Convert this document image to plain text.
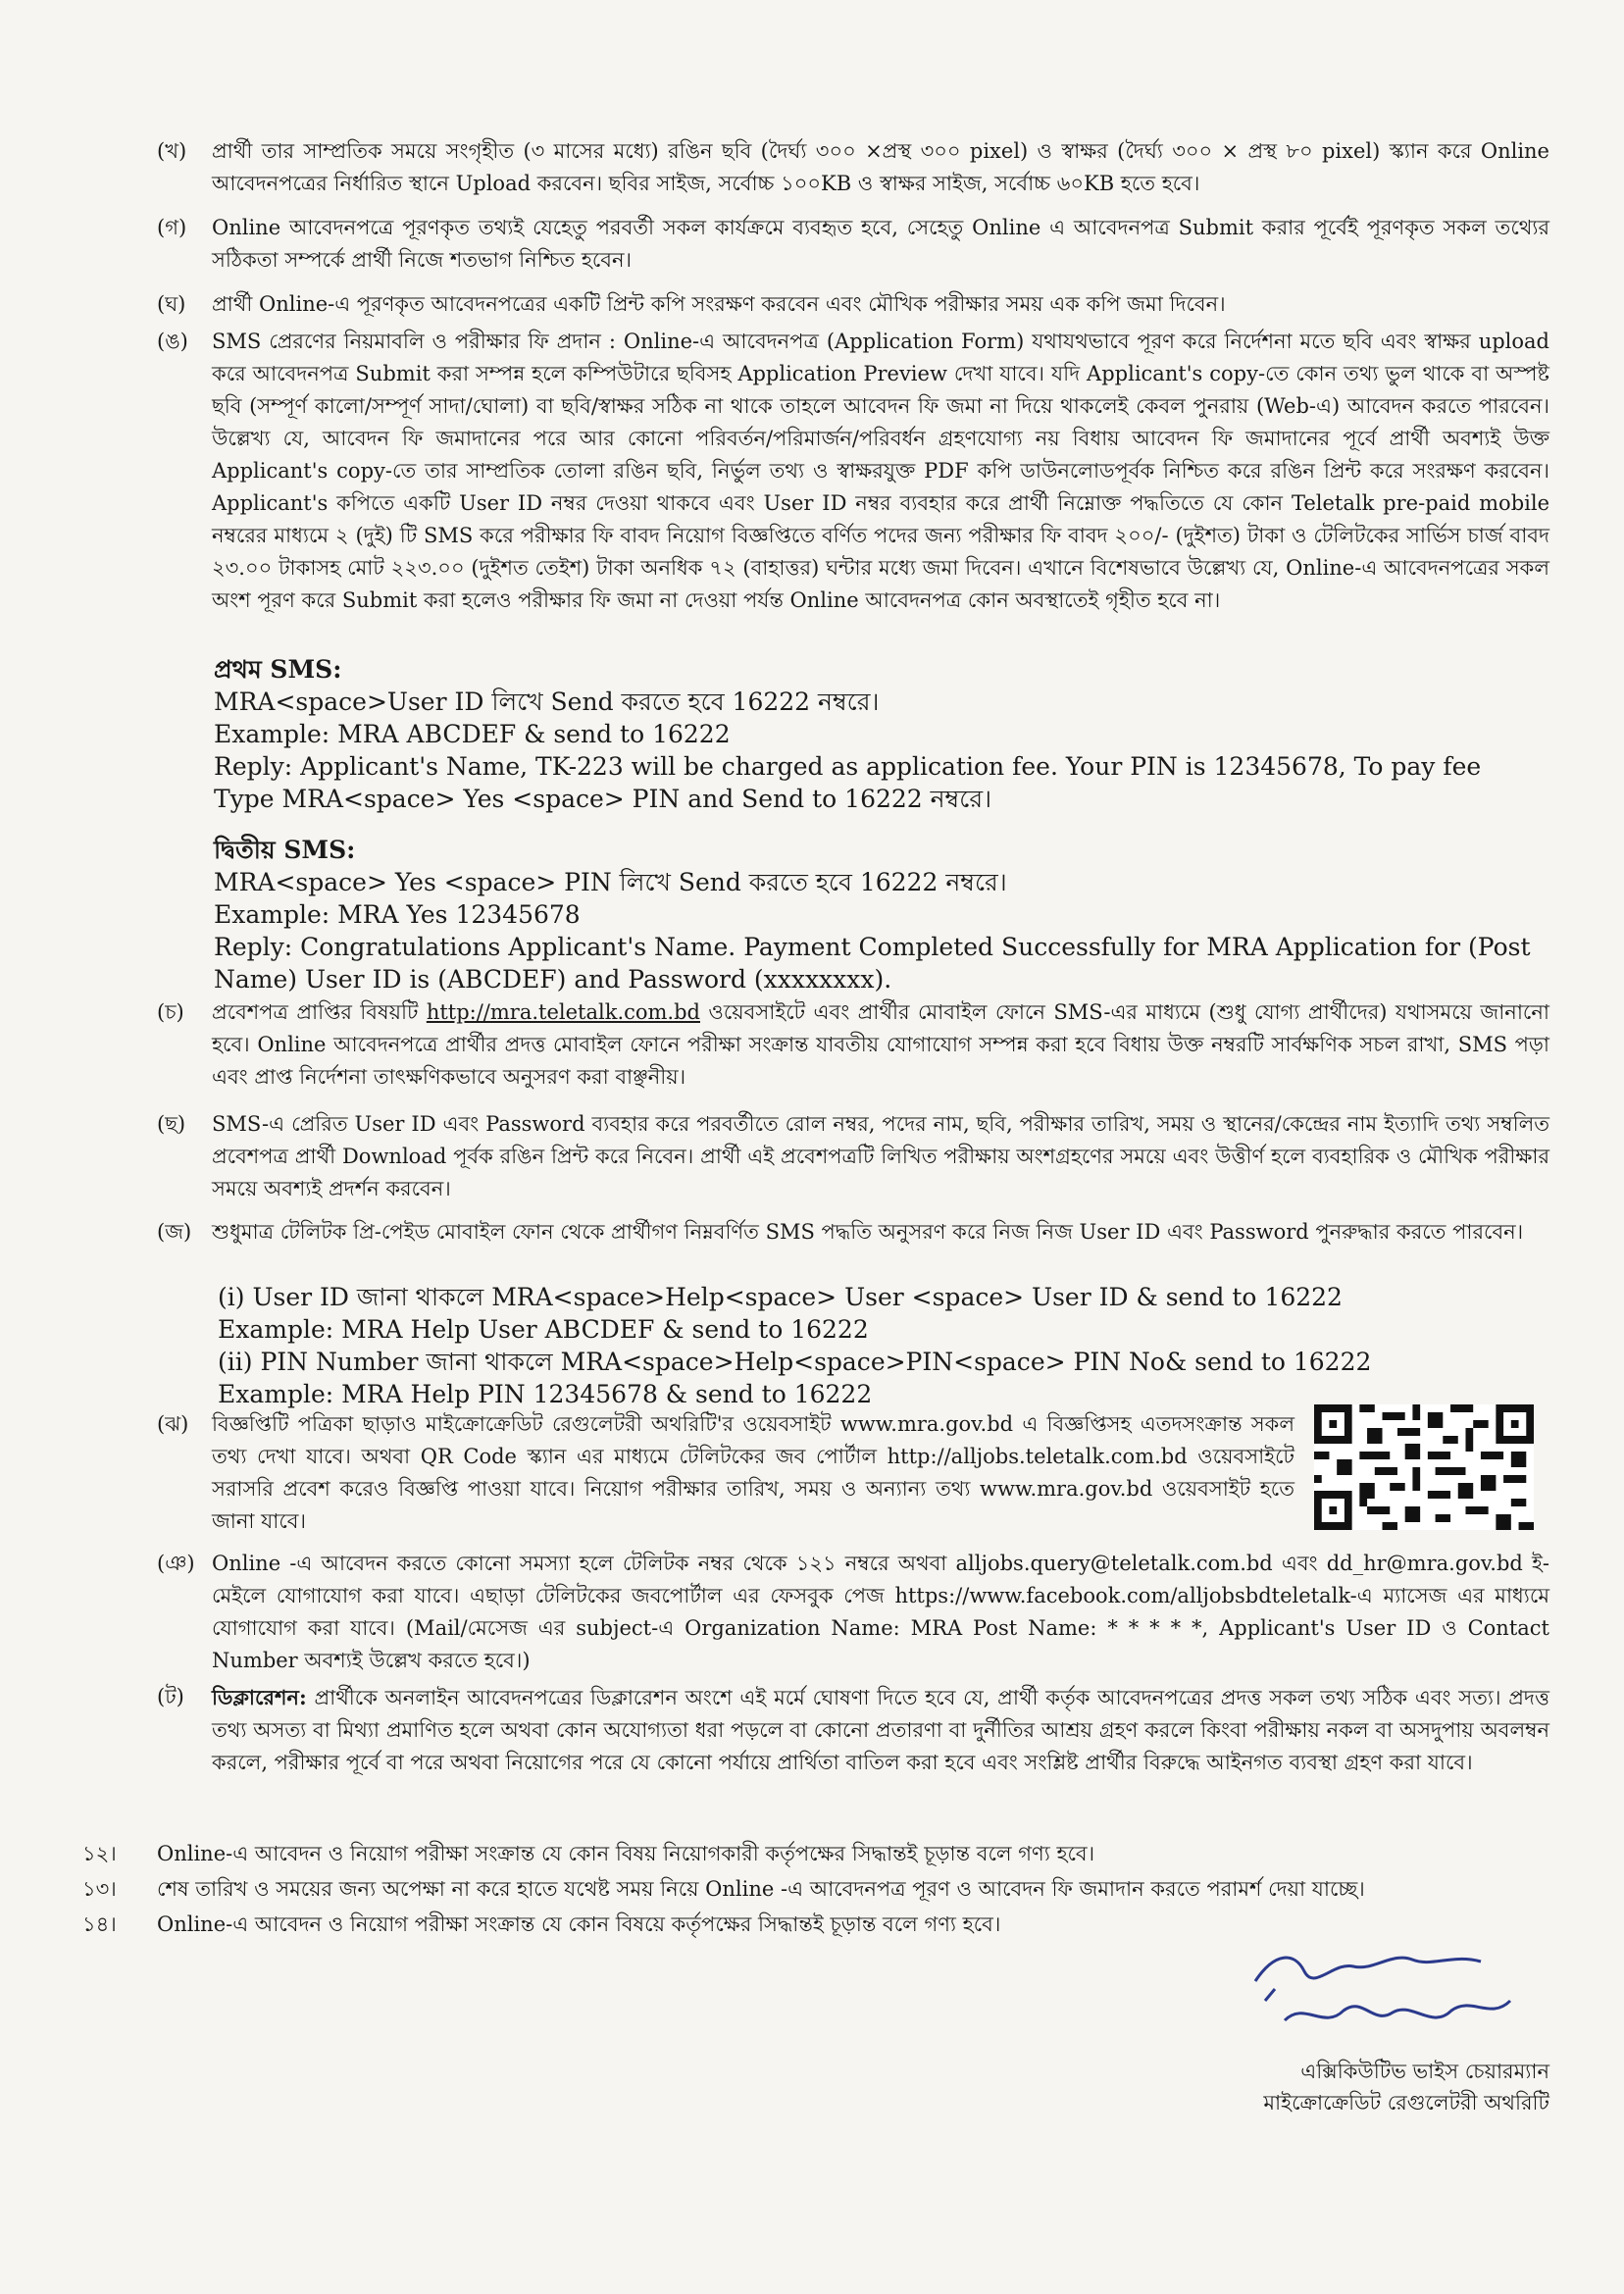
(খ)	প্রার্থী তার সাম্প্রতিক সময়ে সংগৃহীত (৩ মাসের মধ্যে) রঙিন ছবি (দৈর্ঘ্য ৩০০ ×প্রস্থ ৩০০ pixel) ও স্বাক্ষর (দৈর্ঘ্য ৩০০ × প্রস্থ ৮০ pixel) স্ক্যান করে Online আবেদনপত্রের নির্ধারিত স্থানে Upload করবেন। ছবির সাইজ, সর্বোচ্চ ১০০KB ও স্বাক্ষর সাইজ, সর্বোচ্চ ৬০KB হতে হবে।
(গ)	Online আবেদনপত্রে পূরণকৃত তথ্যই যেহেতু পরবর্তী সকল কার্যক্রমে ব্যবহৃত হবে, সেহেতু Online এ আবেদনপত্র Submit করার পূর্বেই পূরণকৃত সকল তথ্যের সঠিকতা সম্পর্কে প্রার্থী নিজে শতভাগ নিশ্চিত হবেন।
(ঘ)	প্রার্থী Online-এ পূরণকৃত আবেদনপত্রের একটি প্রিন্ট কপি সংরক্ষণ করবেন এবং মৌখিক পরীক্ষার সময় এক কপি জমা দিবেন।
(ঙ)	SMS প্রেরণের নিয়মাবলি ও পরীক্ষার ফি প্রদান : Online-এ আবেদনপত্র (Application Form) যথাযথভাবে পূরণ করে নির্দেশনা মতে ছবি এবং স্বাক্ষর upload করে আবেদনপত্র Submit করা সম্পন্ন হলে কম্পিউটারে ছবিসহ Application Preview দেখা যাবে। যদি Applicant's copy-তে কোন তথ্য ভুল থাকে বা অস্পষ্ট ছবি (সম্পূর্ণ কালো/সম্পূর্ণ সাদা/ঘোলা) বা ছবি/স্বাক্ষর সঠিক না থাকে তাহলে আবেদন ফি জমা না দিয়ে থাকলেই কেবল পুনরায় (Web-এ) আবেদন করতে পারবেন। উল্লেখ্য যে, আবেদন ফি জমাদানের পরে আর কোনো পরিবর্তন/পরিমার্জন/পরিবর্ধন গ্রহণযোগ্য নয় বিধায় আবেদন ফি জমাদানের পূর্বে প্রার্থী অবশ্যই উক্ত Applicant's copy-তে তার সাম্প্রতিক তোলা রঙিন ছবি, নির্ভুল তথ্য ও স্বাক্ষরযুক্ত PDF কপি ডাউনলোডপূর্বক নিশ্চিত করে রঙিন প্রিন্ট করে সংরক্ষণ করবেন। Applicant's কপিতে একটি User ID নম্বর দেওয়া থাকবে এবং User ID নম্বর ব্যবহার করে প্রার্থী নিম্নোক্ত পদ্ধতিতে যে কোন Teletalk pre-paid mobile নম্বরের মাধ্যমে ২ (দুই) টি SMS করে পরীক্ষার ফি বাবদ নিয়োগ বিজ্ঞপ্তিতে বর্ণিত পদের জন্য পরীক্ষার ফি বাবদ ২০০/- (দুইশত) টাকা ও টেলিটকের সার্ভিস চার্জ বাবদ ২৩.০০ টাকাসহ মোট ২২৩.০০ (দুইশত তেইশ) টাকা অনধিক ৭২ (বাহাত্তর) ঘন্টার মধ্যে জমা দিবেন। এখানে বিশেষভাবে উল্লেখ্য যে, Online-এ আবেদনপত্রের সকল অংশ পূরণ করে Submit করা হলেও পরীক্ষার ফি জমা না দেওয়া পর্যন্ত Online আবেদনপত্র কোন অবস্থাতেই গৃহীত হবে না।
প্রথম SMS:
MRA<space>User ID লিখে Send করতে হবে 16222 নম্বরে।
Example: MRA ABCDEF & send to 16222
Reply: Applicant's Name, TK-223 will be charged as application fee. Your PIN is 12345678, To pay fee Type MRA<space> Yes <space> PIN and Send to 16222 নম্বরে।
দ্বিতীয় SMS:
MRA<space> Yes <space> PIN লিখে Send করতে হবে 16222 নম্বরে।
Example: MRA Yes 12345678
Reply: Congratulations Applicant's Name. Payment Completed Successfully for MRA Application for (Post Name) User ID is (ABCDEF) and Password (xxxxxxxx).
(চ)	প্রবেশপত্র প্রাপ্তির বিষয়টি http://mra.teletalk.com.bd ওয়েবসাইটে এবং প্রার্থীর মোবাইল ফোনে SMS-এর মাধ্যমে (শুধু যোগ্য প্রার্থীদের) যথাসময়ে জানানো হবে। Online আবেদনপত্রে প্রার্থীর প্রদত্ত মোবাইল ফোনে পরীক্ষা সংক্রান্ত যাবতীয় যোগাযোগ সম্পন্ন করা হবে বিধায় উক্ত নম্বরটি সার্বক্ষণিক সচল রাখা, SMS পড়া এবং প্রাপ্ত নির্দেশনা তাৎক্ষণিকভাবে অনুসরণ করা বাঞ্ছনীয়।
(ছ)	SMS-এ প্রেরিত User ID এবং Password ব্যবহার করে পরবর্তীতে রোল নম্বর, পদের নাম, ছবি, পরীক্ষার তারিখ, সময় ও স্থানের/কেন্দ্রের নাম ইত্যাদি তথ্য সম্বলিত প্রবেশপত্র প্রার্থী Download পূর্বক রঙিন প্রিন্ট করে নিবেন। প্রার্থী এই প্রবেশপত্রটি লিখিত পরীক্ষায় অংশগ্রহণের সময়ে এবং উত্তীর্ণ হলে ব্যবহারিক ও মৌখিক পরীক্ষার সময়ে অবশ্যই প্রদর্শন করবেন।
(জ) শুধুমাত্র টেলিটক প্রি-পেইড মোবাইল ফোন থেকে প্রার্থীগণ নিম্নবর্ণিত SMS পদ্ধতি অনুসরণ করে নিজ নিজ User ID এবং Password পুনরুদ্ধার করতে পারবেন।
(i) User ID জানা থাকলে MRA<space>Help<space> User <space> User ID & send to 16222
Example: MRA Help User ABCDEF & send to 16222
(ii) PIN Number জানা থাকলে MRA<space>Help<space>PIN<space> PIN No& send to 16222
Example: MRA Help PIN 12345678 & send to 16222
(ঝ)	বিজ্ঞপ্তিটি পত্রিকা ছাড়াও মাইক্রোক্রেডিট রেগুলেটরী অথরিটি'র ওয়েবসাইট www.mra.gov.bd এ বিজ্ঞপ্তিসহ এতদসংক্রান্ত সকল তথ্য দেখা যাবে। অথবা QR Code স্ক্যান এর মাধ্যমে টেলিটকের জব পোর্টাল http://alljobs.teletalk.com.bd ওয়েবসাইটে সরাসরি প্রবেশ করেও বিজ্ঞপ্তি পাওয়া যাবে। নিয়োগ পরীক্ষার তারিখ, সময় ও অন্যান্য তথ্য www.mra.gov.bd ওয়েবসাইট হতে জানা যাবে।
(ঞ) Online -এ আবেদন করতে কোনো সমস্যা হলে টেলিটক নম্বর থেকে ১২১ নম্বরে অথবা alljobs.query@teletalk.com.bd এবং dd_hr@mra.gov.bd ই-মেইলে যোগাযোগ করা যাবে। এছাড়া টেলিটকের জবপোর্টাল এর ফেসবুক পেজ https://www.facebook.com/alljobsbdteletalk-এ ম্যাসেজ এর মাধ্যমে যোগাযোগ করা যাবে। (Mail/মেসেজ এর subject-এ Organization Name: MRA Post Name: * * * * *, Applicant's User ID ও Contact Number অবশ্যই উল্লেখ করতে হবে।)
(ট)	ডিক্লারেশন: প্রার্থীকে অনলাইন আবেদনপত্রের ডিক্লারেশন অংশে এই মর্মে ঘোষণা দিতে হবে যে, প্রার্থী কর্তৃক আবেদনপত্রের প্রদত্ত সকল তথ্য সঠিক এবং সত্য। প্রদত্ত তথ্য অসত্য বা মিথ্যা প্রমাণিত হলে অথবা কোন অযোগ্যতা ধরা পড়লে বা কোনো প্রতারণা বা দুর্নীতির আশ্রয় গ্রহণ করলে কিংবা পরীক্ষায় নকল বা অসদুপায় অবলম্বন করলে, পরীক্ষার পূর্বে বা পরে অথবা নিয়োগের পরে যে কোনো পর্যায়ে প্রার্থিতা বাতিল করা হবে এবং সংশ্লিষ্ট প্রার্থীর বিরুদ্ধে আইনগত ব্যবস্থা গ্রহণ করা যাবে।
১২।	Online-এ আবেদন ও নিয়োগ পরীক্ষা সংক্রান্ত যে কোন বিষয় নিয়োগকারী কর্তৃপক্ষের সিদ্ধান্তই চূড়ান্ত বলে গণ্য হবে।
১৩।	শেষ তারিখ ও সময়ের জন্য অপেক্ষা না করে হাতে যথেষ্ট সময় নিয়ে Online -এ আবেদনপত্র পূরণ ও আবেদন ফি জমাদান করতে পরামর্শ দেয়া যাচ্ছে।
১৪।	Online-এ আবেদন ও নিয়োগ পরীক্ষা সংক্রান্ত যে কোন বিষয়ে কর্তৃপক্ষের সিদ্ধান্তই চূড়ান্ত বলে গণ্য হবে।
এক্সিকিউটিভ ভাইস চেয়ারম্যান
মাইক্রোক্রেডিট রেগুলেটরী অথরিটি
